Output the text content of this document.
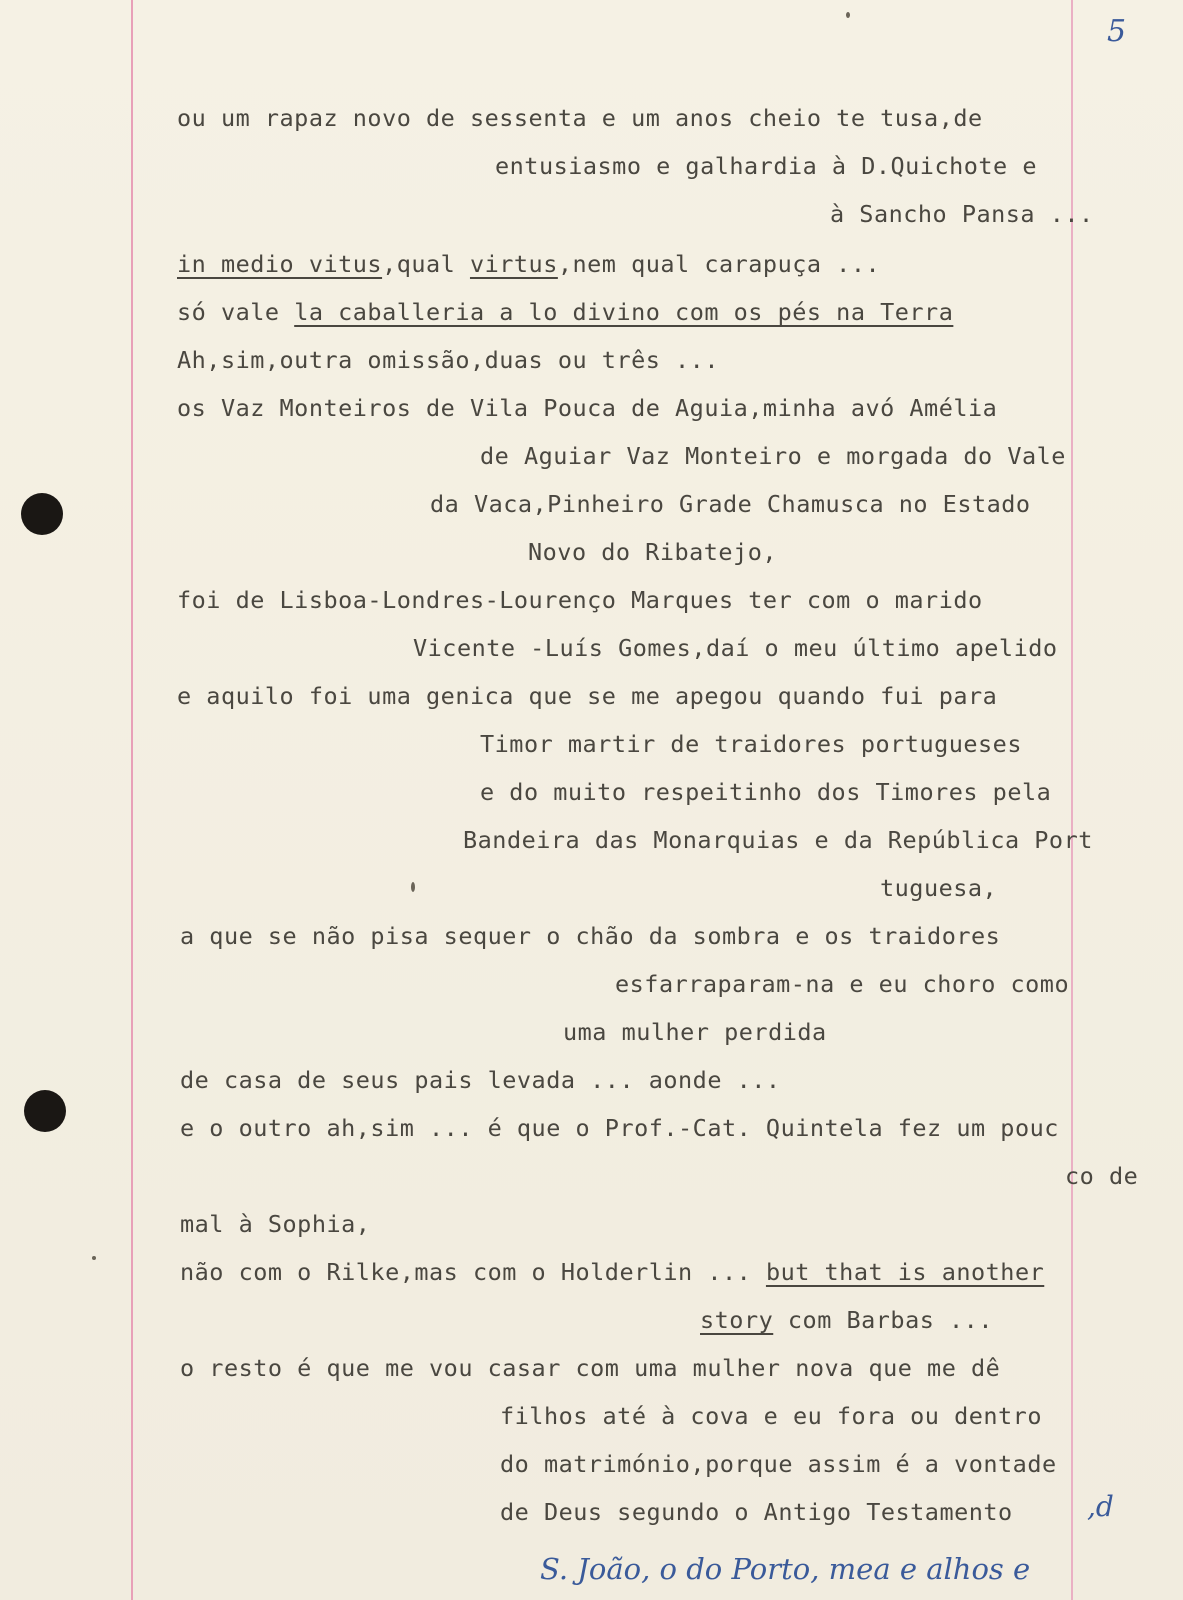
5
ou um rapaz novo de sessenta e um anos cheio te tusa,de
entusiasmo e galhardia à D.Quichote e
à Sancho Pansa ...
in medio vitus,qual virtus,nem qual carapuça ...
só vale la caballeria a lo divino com os pés na Terra
Ah,sim,outra omissão,duas ou três ...
os Vaz Monteiros de Vila Pouca de Aguia,minha avó Amélia
de Aguiar Vaz Monteiro e morgada do Vale
da Vaca,Pinheiro Grade Chamusca no Estado
Novo do Ribatejo,
foi de Lisboa-Londres-Lourenço Marques ter com o marido
Vicente -Luís Gomes,daí o meu último apelido
e aquilo foi uma genica que se me apegou quando fui para
Timor martir de traidores portugueses
e do muito respeitinho dos Timores pela
Bandeira das Monarquias e da República Port
tuguesa,
a que se não pisa sequer o chão da sombra e os traidores
esfarraparam-na e eu choro como
uma mulher perdida
de casa de seus pais levada ... aonde ...
e o outro ah,sim ... é que o Prof.-Cat. Quintela fez um pouc
co de
mal à Sophia,
não com o Rilke,mas com o Holderlin ... but that is another
story com Barbas ...
o resto é que me vou casar com uma mulher nova que me dê
filhos até à cova e eu fora ou dentro
do matrimónio,porque assim é a vontade
de Deus segundo o Antigo Testamento	,d
S. João, o do Porto, mea e alhos e
